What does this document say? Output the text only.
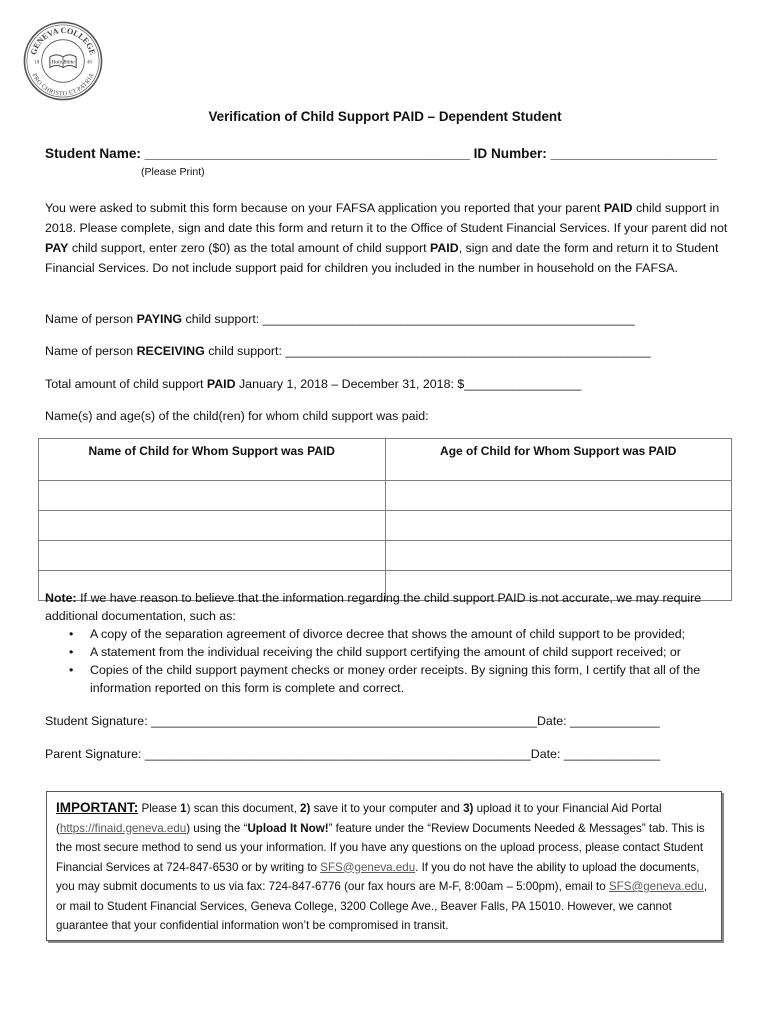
GENEVA COLLEGE
PRO CHRISTO ET PATRIA
18	48
Holy Bible
Verification of Child Support PAID – Dependent Student
Student Name: ___________________________________________ ID Number: ______________________
(Please Print)
You were asked to submit this form because on your FAFSA application you reported that your parent PAID child support in 2018. Please complete, sign and date this form and return it to the Office of Student Financial Services. If your parent did not PAY child support, enter zero ($0) as the total amount of child support PAID, sign and date the form and return it to Student Financial Services. Do not include support paid for children you included in the number in household on the FAFSA.
Name of person PAYING child support: ______________________________________________________
Name of person RECEIVING child support: _____________________________________________________
Total amount of child support PAID January 1, 2018 – December 31, 2018: $_________________
Name(s) and age(s) of the child(ren) for whom child support was paid:
Name of Child for Whom Support was PAID	Age of Child for Whom Support was PAID

Note: If we have reason to believe that the information regarding the child support PAID is not accurate, we may require additional documentation, such as:
• A copy of the separation agreement of divorce decree that shows the amount of child support to be provided;
• A statement from the individual receiving the child support certifying the amount of child support received; or
• Copies of the child support payment checks or money order receipts. By signing this form, I certify that all of the information reported on this form is complete and correct.
Student Signature: ________________________________________________________Date: _____________
Parent Signature: ________________________________________________________Date: ______________
IMPORTANT: Please 1) scan this document, 2) save it to your computer and 3) upload it to your Financial Aid Portal (https://finaid.geneva.edu) using the “Upload It Now!” feature under the “Review Documents Needed & Messages” tab. This is the most secure method to send us your information. If you have any questions on the upload process, please contact Student Financial Services at 724-847-6530 or by writing to SFS@geneva.edu. If you do not have the ability to upload the documents, you may submit documents to us via fax: 724-847-6776 (our fax hours are M-F, 8:00am – 5:00pm), email to SFS@geneva.edu, or mail to Student Financial Services, Geneva College, 3200 College Ave., Beaver Falls, PA 15010. However, we cannot guarantee that your confidential information won’t be compromised in transit.
